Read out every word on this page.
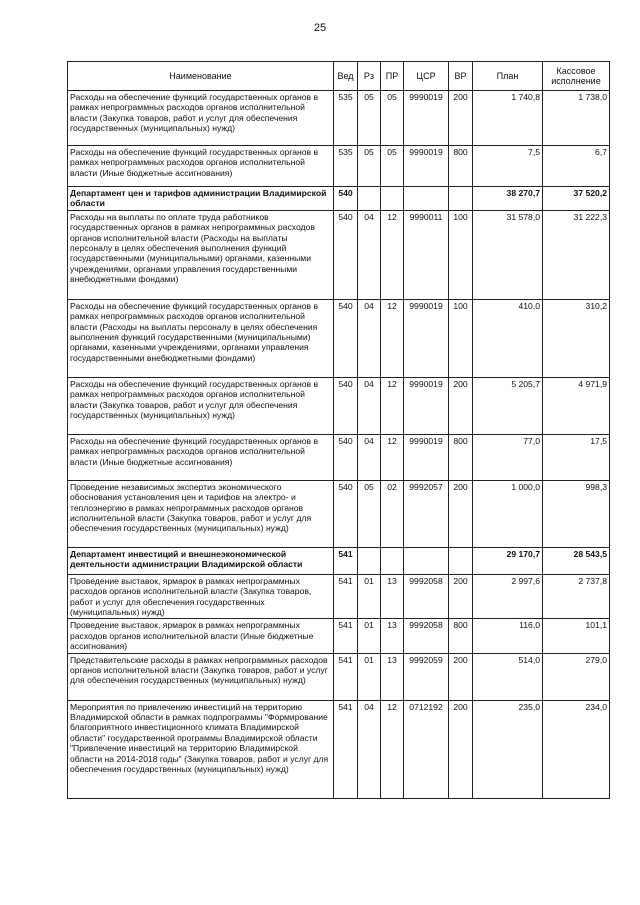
25
Наименование	Вед	Рз	ПР	ЦСР	ВР	План	Кассовое исполнение
Расходы на обеспечение функций государственных органов в рамках непрограммных расходов органов исполнительной власти (Закупка товаров, работ и услуг для обеспечения государственных (муниципальных) нужд)	535	05	05	9990019	200	1 740,8	1 738,0
Расходы на обеспечение функций государственных органов в рамках непрограммных расходов органов исполнительной власти (Иные бюджетные ассигнования)	535	05	05	9990019	800	7,5	6,7
Департамент цен и тарифов администрации Владимирской области	540					38 270,7	37 520,2
Расходы на выплаты по оплате труда работников государственных органов в рамках непрограммных расходов органов исполнительной власти (Расходы на выплаты персоналу в целях обеспечения выполнения функций государственными (муниципальными) органами, казенными учреждениями, органами управления государственными внебюджетными фондами)	540	04	12	9990011	100	31 578,0	31 222,3
Расходы на обеспечение функций государственных органов в рамках непрограммных расходов органов исполнительной власти (Расходы на выплаты персоналу в целях обеспечения выполнения функций государственными (муниципальными) органами, казенными учреждениями, органами управления государственными внебюджетными фондами)	540	04	12	9990019	100	410,0	310,2
Расходы на обеспечение функций государственных органов в рамках непрограммных расходов органов исполнительной власти (Закупка товаров, работ и услуг для обеспечения государственных (муниципальных) нужд)	540	04	12	9990019	200	5 205,7	4 971,9
Расходы на обеспечение функций государственных органов в рамках непрограммных расходов органов исполнительной власти (Иные бюджетные ассигнования)	540	04	12	9990019	800	77,0	17,5
Проведение независимых экспертиз экономического обоснования установления цен и тарифов на электро- и теплоэнергию в рамках непрограммных расходов органов исполнительной власти (Закупка товаров, работ и услуг для обеспечения государственных (муниципальных) нужд)	540	05	02	9992057	200	1 000,0	998,3
Департамент инвестиций и внешнеэкономической деятельности администрации Владимирской области	541					29 170,7	28 543,5
Проведение выставок, ярмарок в рамках непрограммных расходов органов исполнительной власти (Закупка товаров, работ и услуг для обеспечения государственных (муниципальных) нужд)	541	01	13	9992058	200	2 997,6	2 737,8
Проведение выставок, ярмарок в рамках непрограммных расходов органов исполнительной власти (Иные бюджетные ассигнования)	541	01	13	9992058	800	116,0	101,1
Представительские расходы в рамках непрограммных расходов органов исполнительной власти (Закупка товаров, работ и услуг для обеспечения государственных (муниципальных) нужд)	541	01	13	9992059	200	514,0	279,0
Мероприятия по привлечению инвестиций на территорию Владимирской области в рамках подпрограммы "Формирование благоприятного инвестиционного климата Владимирской области" государственной программы Владимирской области "Привлечение инвестиций на территорию Владимирской области на 2014-2018 годы" (Закупка товаров, работ и услуг для обеспечения государственных (муниципальных) нужд)	541	04	12	0712192	200	235,0	234,0
